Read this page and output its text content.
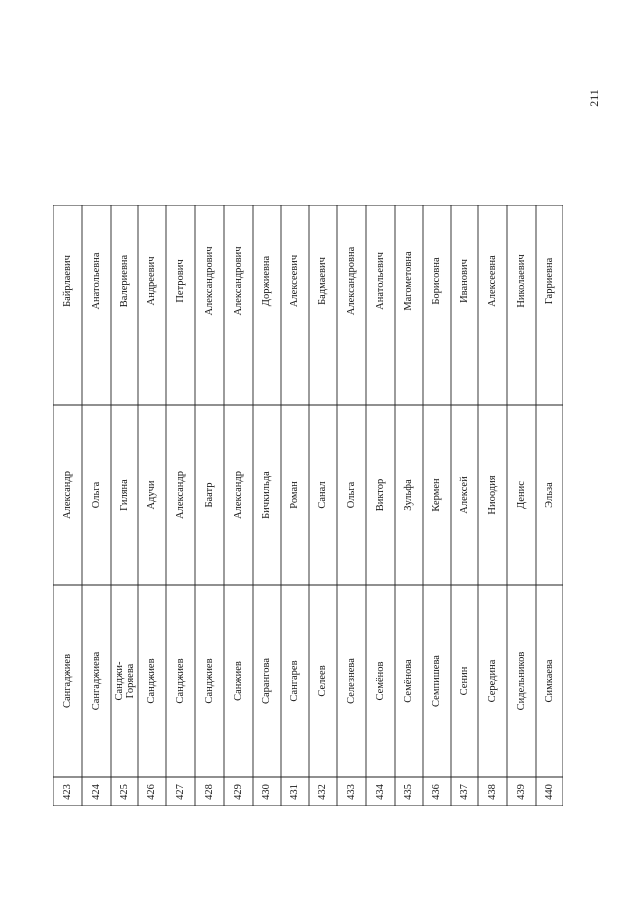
211
Байрлаевич
Александр
Сангаджиев
423
Анатольевна
Ольга
Сангаджиева
424
Валериевна
Гиляна
Санджи-Горяева
425
Андреевич
Адучи
Санджиев
426
Петрович
Александр
Санджиев
427
Александрович
Баатр
Санджиев
428
Александрович
Александр
Санжиев
429
Доржиевна
Бичкильда
Сарангова
430
Алексеевич
Роман
Сангарев
431
Бадмаевич
Санал
Селеев
432
Александровна
Ольга
Селезнева
433
Анатольевич
Виктор
Семёнов
434
Магометовна
Зульфа
Семёнова
435
Борисовна
Кермен
Семпишева
436
Иванович
Алексей
Сенин
437
Алексеевна
Ниоодия
Середина
438
Николаевич
Денис
Сидельников
439
Гарриевна
Эльза
Симкаева
440
